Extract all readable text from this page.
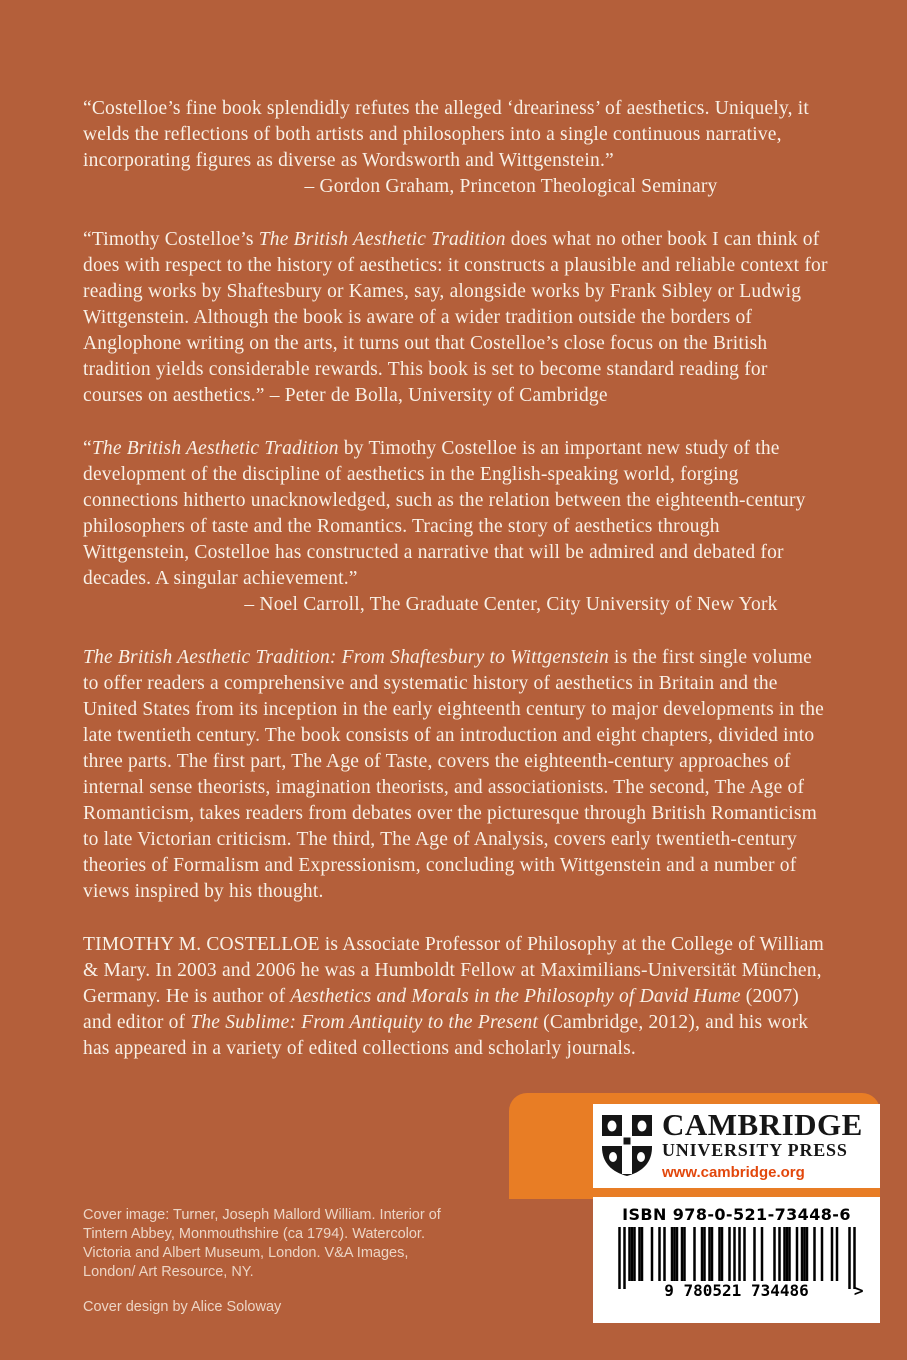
“Costelloe’s fine book splendidly refutes the alleged ‘dreariness’ of aesthetics. Uniquely, it welds the reflections of both artists and philosophers into a single continuous narrative, incorporating figures as diverse as Wordsworth and Wittgenstein.”

– Gordon Graham, Princeton Theological Seminary

“Timothy Costelloe’s The British Aesthetic Tradition does what no other book I can think of does with respect to the history of aesthetics: it constructs a plausible and reliable context for reading works by Shaftesbury or Kames, say, alongside works by Frank Sibley or Ludwig Wittgenstein. Although the book is aware of a wider tradition outside the borders of Anglophone writing on the arts, it turns out that Costelloe’s close focus on the British tradition yields considerable rewards. This book is set to become standard reading for courses on aesthetics.” – Peter de Bolla, University of Cambridge

“The British Aesthetic Tradition by Timothy Costelloe is an important new study of the development of the discipline of aesthetics in the English-speaking world, forging connections hitherto unacknowledged, such as the relation between the eighteenth-century philosophers of taste and the Romantics. Tracing the story of aesthetics through Wittgenstein, Costelloe has constructed a narrative that will be admired and debated for decades. A singular achievement.”

– Noel Carroll, The Graduate Center, City University of New York

The British Aesthetic Tradition: From Shaftesbury to Wittgenstein is the first single volume to offer readers a comprehensive and systematic history of aesthetics in Britain and the United States from its inception in the early eighteenth century to major developments in the late twentieth century. The book consists of an introduction and eight chapters, divided into three parts. The first part, The Age of Taste, covers the eighteenth-century approaches of internal sense theorists, imagination theorists, and associationists. The second, The Age of Romanticism, takes readers from debates over the picturesque through British Romanticism to late Victorian criticism. The third, The Age of Analysis, covers early twentieth-century theories of Formalism and Expressionism, concluding with Wittgenstein and a number of views inspired by his thought.

TIMOTHY M. COSTELLOE is Associate Professor of Philosophy at the College of William & Mary. In 2003 and 2006 he was a Humboldt Fellow at Maximilians-Universität München, Germany. He is author of Aesthetics and Morals in the Philosophy of David Hume (2007) and editor of The Sublime: From Antiquity to the Present (Cambridge, 2012), and his work has appeared in a variety of edited collections and scholarly journals.

Cover image: Turner, Joseph Mallord William. Interior of Tintern Abbey, Monmouthshire (ca 1794). Watercolor. Victoria and Albert Museum, London. V&A Images, London/ Art Resource, NY.

Cover design by Alice Soloway

CAMBRIDGE
UNIVERSITY PRESS
www.cambridge.org
ISBN 978-0-521-73448-6
9 780521 734486	>
